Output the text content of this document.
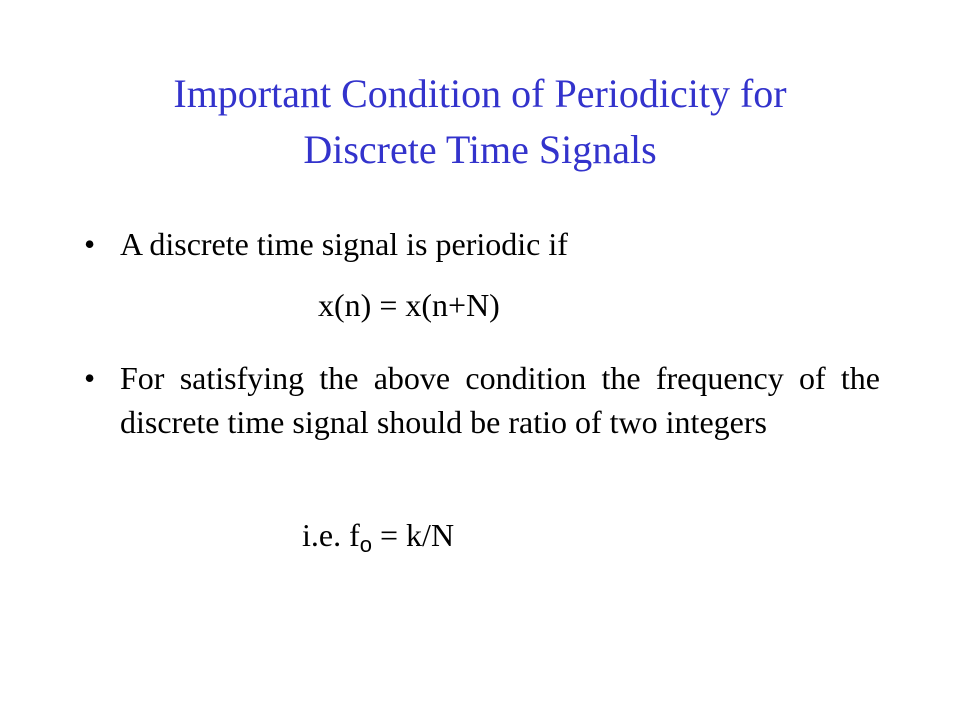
Important Condition of Periodicity for
Discrete Time Signals
• A discrete time signal is periodic if
x(n) = x(n+N)
• For satisfying the above condition the frequency of the discrete time signal should be ratio of two integers
i.e. fo = k/N
